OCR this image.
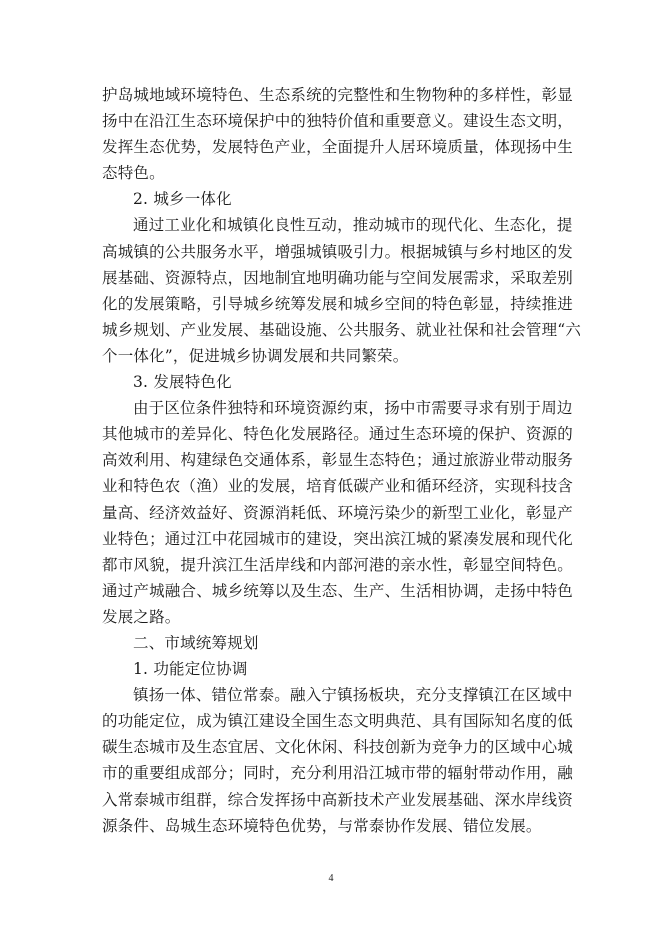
护岛城地域环境特色、生态系统的完整性和生物物种的多样性，彰显
扬中在沿江生态环境保护中的独特价值和重要意义。建设生态文明，
发挥生态优势，发展特色产业，全面提升人居环境质量，体现扬中生
态特色。
2. 城乡一体化
通过工业化和城镇化良性互动，推动城市的现代化、生态化，提
高城镇的公共服务水平，增强城镇吸引力。根据城镇与乡村地区的发
展基础、资源特点，因地制宜地明确功能与空间发展需求，采取差别
化的发展策略，引导城乡统筹发展和城乡空间的特色彰显，持续推进
城乡规划、产业发展、基础设施、公共服务、就业社保和社会管理“六
个一体化”，促进城乡协调发展和共同繁荣。
3. 发展特色化
由于区位条件独特和环境资源约束，扬中市需要寻求有别于周边
其他城市的差异化、特色化发展路径。通过生态环境的保护、资源的
高效利用、构建绿色交通体系，彰显生态特色；通过旅游业带动服务
业和特色农（渔）业的发展，培育低碳产业和循环经济，实现科技含
量高、经济效益好、资源消耗低、环境污染少的新型工业化，彰显产
业特色；通过江中花园城市的建设，突出滨江城的紧凑发展和现代化
都市风貌，提升滨江生活岸线和内部河港的亲水性，彰显空间特色。
通过产城融合、城乡统筹以及生态、生产、生活相协调，走扬中特色
发展之路。
二、市域统筹规划
1. 功能定位协调
镇扬一体、错位常泰。融入宁镇扬板块，充分支撑镇江在区域中
的功能定位，成为镇江建设全国生态文明典范、具有国际知名度的低
碳生态城市及生态宜居、文化休闲、科技创新为竞争力的区域中心城
市的重要组成部分；同时，充分利用沿江城市带的辐射带动作用，融
入常泰城市组群，综合发挥扬中高新技术产业发展基础、深水岸线资
源条件、岛城生态环境特色优势，与常泰协作发展、错位发展。
4
